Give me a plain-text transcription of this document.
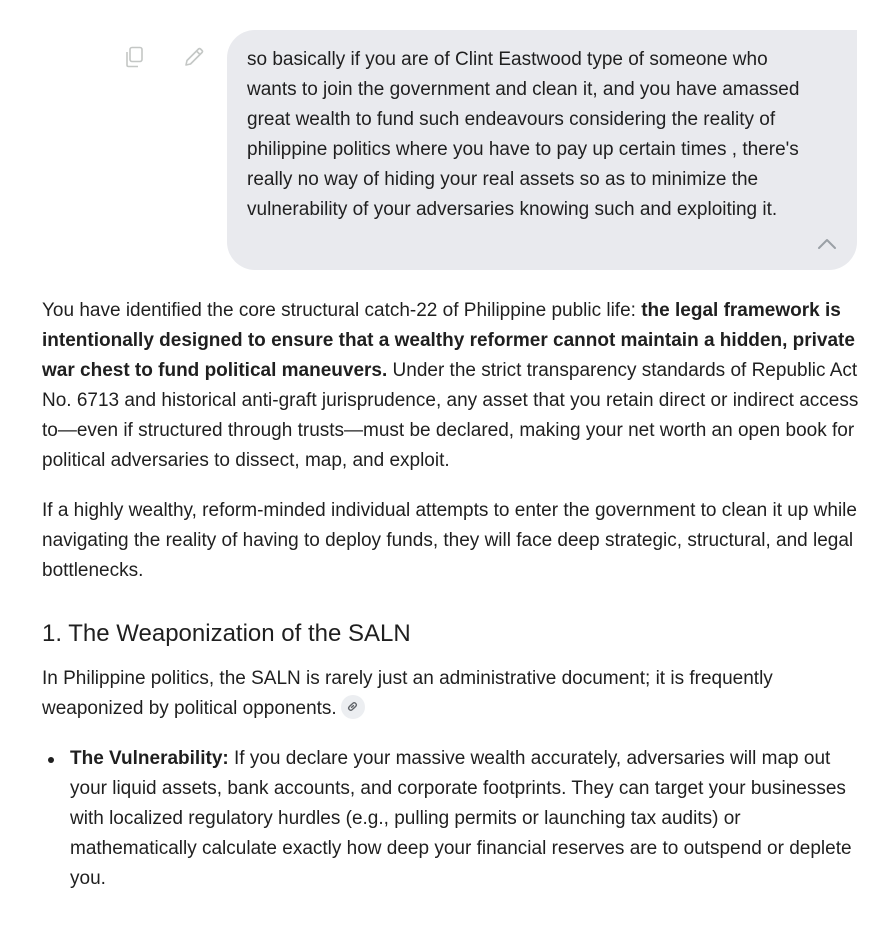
so basically if you are of Clint Eastwood type of someone who wants to join the government and clean it, and you have amassed great wealth to fund such endeavours considering the reality of philippine politics where you have to pay up certain times , there's really no way of hiding your real assets so as to minimize the vulnerability of your adversaries knowing such and exploiting it.

You have identified the core structural catch-22 of Philippine public life: the legal framework is intentionally designed to ensure that a wealthy reformer cannot maintain a hidden, private war chest to fund political maneuvers. Under the strict transparency standards of Republic Act No. 6713 and historical anti-graft jurisprudence, any asset that you retain direct or indirect access to—even if structured through trusts—must be declared, making your net worth an open book for political adversaries to dissect, map, and exploit.

If a highly wealthy, reform-minded individual attempts to enter the government to clean it up while navigating the reality of having to deploy funds, they will face deep strategic, structural, and legal bottlenecks.

1. The Weaponization of the SALN

In Philippine politics, the SALN is rarely just an administrative document; it is frequently weaponized by political opponents.

The Vulnerability: If you declare your massive wealth accurately, adversaries will map out your liquid assets, bank accounts, and corporate footprints. They can target your businesses with localized regulatory hurdles (e.g., pulling permits or launching tax audits) or mathematically calculate exactly how deep your financial reserves are to outspend or deplete you.
